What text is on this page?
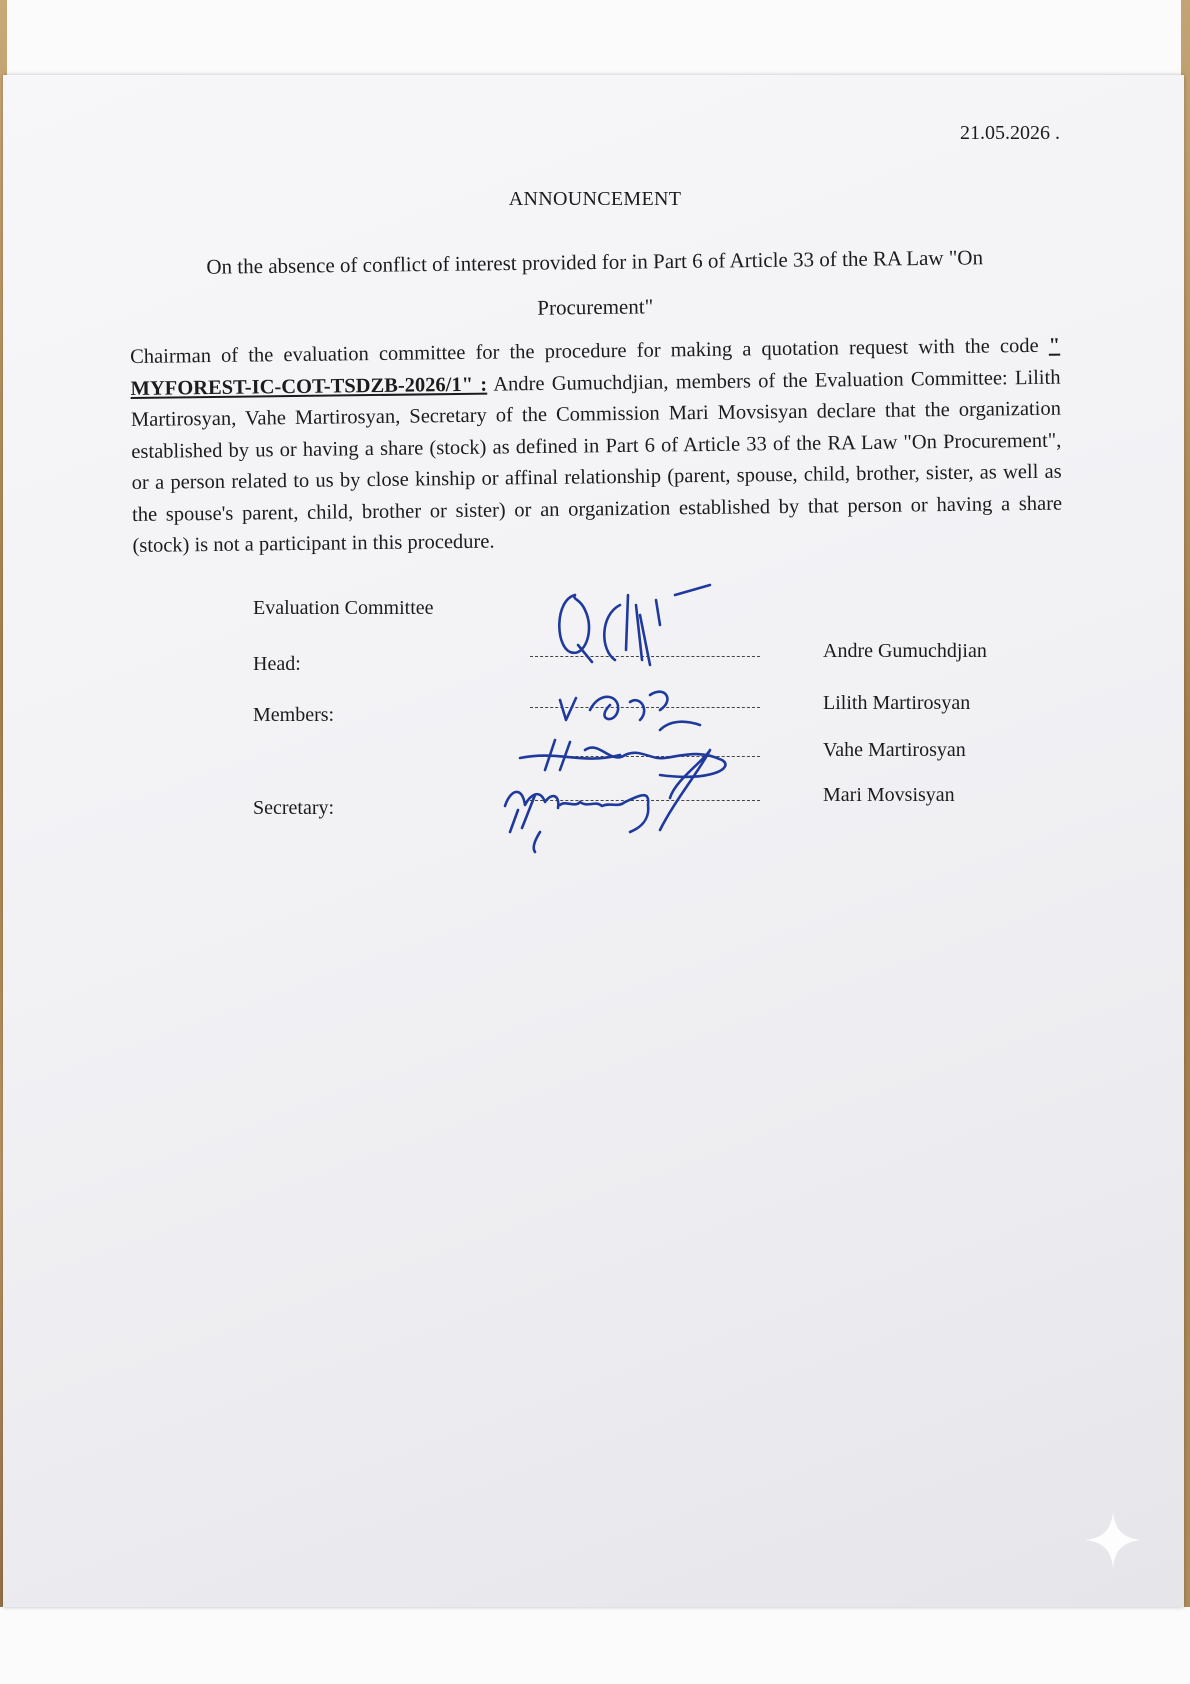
21.05.2026 .
ANNOUNCEMENT
On the absence of conflict of interest provided for in Part 6 of Article 33 of the RA Law "On Procurement"
Chairman of the evaluation committee for the procedure for making a quotation request with the code " MYFOREST-IC-COT-TSDZB-2026/1" : Andre Gumuchdjian, members of the Evaluation Committee: Lilith Martirosyan, Vahe Martirosyan, Secretary of the Commission Mari Movsisyan declare that the organization established by us or having a share (stock) as defined in Part 6 of Article 33 of the RA Law "On Procurement", or a person related to us by close kinship or affinal relationship (parent, spouse, child, brother, sister, as well as the spouse's parent, child, brother or sister) or an organization established by that person or having a share (stock) is not a participant in this procedure.
Evaluation Committee
Head:
Members:
Secretary:
Andre Gumuchdjian
Lilith Martirosyan
Vahe Martirosyan
Mari Movsisyan
